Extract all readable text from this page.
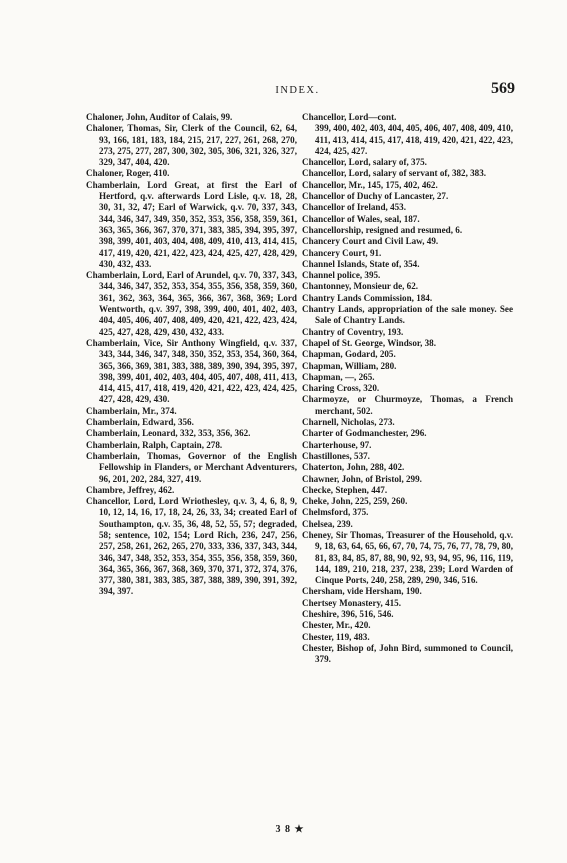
INDEX.	569

Chaloner, John, Auditor of Calais, 99.

Chaloner, Thomas, Sir, Clerk of the Council, 62, 64, 93, 166, 181, 183, 184, 215, 217, 227, 261, 268, 270, 273, 275, 277, 287, 300, 302, 305, 306, 321, 326, 327, 329, 347, 404, 420.

Chaloner, Roger, 410.

Chamberlain, Lord Great, at first the Earl of Hertford, q.v. afterwards Lord Lisle, q.v. 18, 28, 30, 31, 32, 47; Earl of Warwick, q.v. 70, 337, 343, 344, 346, 347, 349, 350, 352, 353, 356, 358, 359, 361, 363, 365, 366, 367, 370, 371, 383, 385, 394, 395, 397, 398, 399, 401, 403, 404, 408, 409, 410, 413, 414, 415, 417, 419, 420, 421, 422, 423, 424, 425, 427, 428, 429, 430, 432, 433.

Chamberlain, Lord, Earl of Arundel, q.v. 70, 337, 343, 344, 346, 347, 352, 353, 354, 355, 356, 358, 359, 360, 361, 362, 363, 364, 365, 366, 367, 368, 369; Lord Wentworth, q.v. 397, 398, 399, 400, 401, 402, 403, 404, 405, 406, 407, 408, 409, 420, 421, 422, 423, 424, 425, 427, 428, 429, 430, 432, 433.

Chamberlain, Vice, Sir Anthony Wingfield, q.v. 337, 343, 344, 346, 347, 348, 350, 352, 353, 354, 360, 364, 365, 366, 369, 381, 383, 388, 389, 390, 394, 395, 397, 398, 399, 401, 402, 403, 404, 405, 407, 408, 411, 413, 414, 415, 417, 418, 419, 420, 421, 422, 423, 424, 425, 427, 428, 429, 430.

Chamberlain, Mr., 374.

Chamberlain, Edward, 356.

Chamberlain, Leonard, 332, 353, 356, 362.

Chamberlain, Ralph, Captain, 278.

Chamberlain, Thomas, Governor of the English Fellowship in Flanders, or Merchant Adventurers, 96, 201, 202, 284, 327, 419.

Chambre, Jeffrey, 462.

Chancellor, Lord, Lord Wriothesley, q.v. 3, 4, 6, 8, 9, 10, 12, 14, 16, 17, 18, 24, 26, 33, 34; created Earl of Southampton, q.v. 35, 36, 48, 52, 55, 57; degraded, 58; sentence, 102, 154; Lord Rich, 236, 247, 256, 257, 258, 261, 262, 265, 270, 333, 336, 337, 343, 344, 346, 347, 348, 352, 353, 354, 355, 356, 358, 359, 360, 364, 365, 366, 367, 368, 369, 370, 371, 372, 374, 376, 377, 380, 381, 383, 385, 387, 388, 389, 390, 391, 392, 394, 397.

Chancellor, Lord—cont.

399, 400, 402, 403, 404, 405, 406, 407, 408, 409, 410, 411, 413, 414, 415, 417, 418, 419, 420, 421, 422, 423, 424, 425, 427.

Chancellor, Lord, salary of, 375.

Chancellor, Lord, salary of servant of, 382, 383.

Chancellor, Mr., 145, 175, 402, 462.

Chancellor of Duchy of Lancaster, 27.

Chancellor of Ireland, 453.

Chancellor of Wales, seal, 187.

Chancellorship, resigned and resumed, 6.

Chancery Court and Civil Law, 49.

Chancery Court, 91.

Channel Islands, State of, 354.

Channel police, 395.

Chantonney, Monsieur de, 62.

Chantry Lands Commission, 184.

Chantry Lands, appropriation of the sale money. See Sale of Chantry Lands.

Chantry of Coventry, 193.

Chapel of St. George, Windsor, 38.

Chapman, Godard, 205.

Chapman, William, 280.

Chapman, —, 265.

Charing Cross, 320.

Charmoyze, or Churmoyze, Thomas, a French merchant, 502.

Charnell, Nicholas, 273.

Charter of Godmanchester, 296.

Charterhouse, 97.

Chastillones, 537.

Chaterton, John, 288, 402.

Chawner, John, of Bristol, 299.

Checke, Stephen, 447.

Cheke, John, 225, 259, 260.

Chelmsford, 375.

Chelsea, 239.

Cheney, Sir Thomas, Treasurer of the Household, q.v. 9, 18, 63, 64, 65, 66, 67, 70, 74, 75, 76, 77, 78, 79, 80, 81, 83, 84, 85, 87, 88, 90, 92, 93, 94, 95, 96, 116, 119, 144, 189, 210, 218, 237, 238, 239; Lord Warden of Cinque Ports, 240, 258, 289, 290, 346, 516.

Chersham, vide Hersham, 190.

Chertsey Monastery, 415.

Cheshire, 396, 516, 546.

Chester, Mr., 420.

Chester, 119, 483.

Chester, Bishop of, John Bird, summoned to Council, 379.

3 8 ★
